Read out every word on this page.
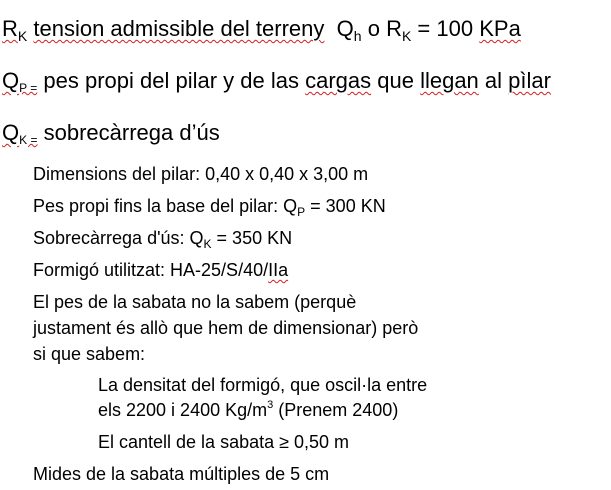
$R_K$ tension admissible del terreny $Q_h$ o $R_K = 100$ KPa
QP = pes propi del pilar y de las cargas que llegan al pìlar
QK = sobrecàrrega d’ús
Dimensions del pilar: 0,40 x 0,40 x 3,00 m
Pes propi fins la base del pilar: $Q_P = 300$ KN
Sobrecàrrega d'ús: $Q_K = 350$ KN
Formigó utilitzat: HA-25/S/40/IIa
El pes de la sabata no la sabem (perquè
justament és allò que hem de dimensionar) però
si que sabem:
La densitat del formigó, que oscil·la entre
els 2200 i 2400 $Kg/m^3$ (Prenem 2400)
El cantell de la sabata ≥ 0,50 m
Mides de la sabata múltiples de 5 cm
